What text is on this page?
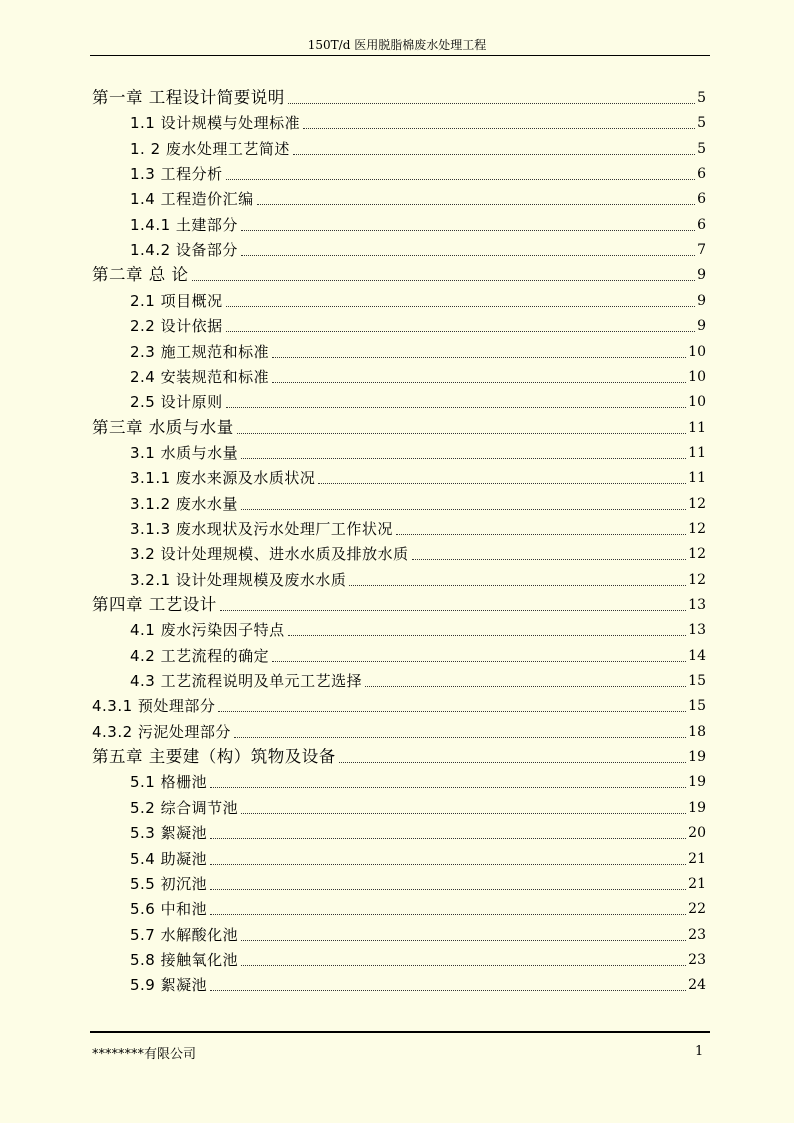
150T/d 医用脱脂棉废水处理工程
第一章 工程设计简要说明	5
1.1 设计规模与处理标准	5
1. 2 废水处理工艺简述	5
1.3 工程分析	6
1.4 工程造价汇编	6
1.4.1 土建部分	6
1.4.2 设备部分	7
第二章 总 论	9
2.1 项目概况	9
2.2 设计依据	9
2.3 施工规范和标准	10
2.4 安装规范和标准	10
2.5 设计原则	10
第三章 水质与水量	11
3.1 水质与水量	11
3.1.1 废水来源及水质状况	11
3.1.2 废水水量	12
3.1.3 废水现状及污水处理厂工作状况	12
3.2 设计处理规模、进水水质及排放水质	12
3.2.1 设计处理规模及废水水质	12
第四章 工艺设计	13
4.1 废水污染因子特点	13
4.2 工艺流程的确定	14
4.3 工艺流程说明及单元工艺选择	15
4.3.1 预处理部分	15
4.3.2 污泥处理部分	18
第五章 主要建（构）筑物及设备	19
5.1 格栅池	19
5.2 综合调节池	19
5.3 絮凝池	20
5.4 助凝池	21
5.5 初沉池	21
5.6 中和池	22
5.7 水解酸化池	23
5.8 接触氧化池	23
5.9 絮凝池	24
********有限公司	1
